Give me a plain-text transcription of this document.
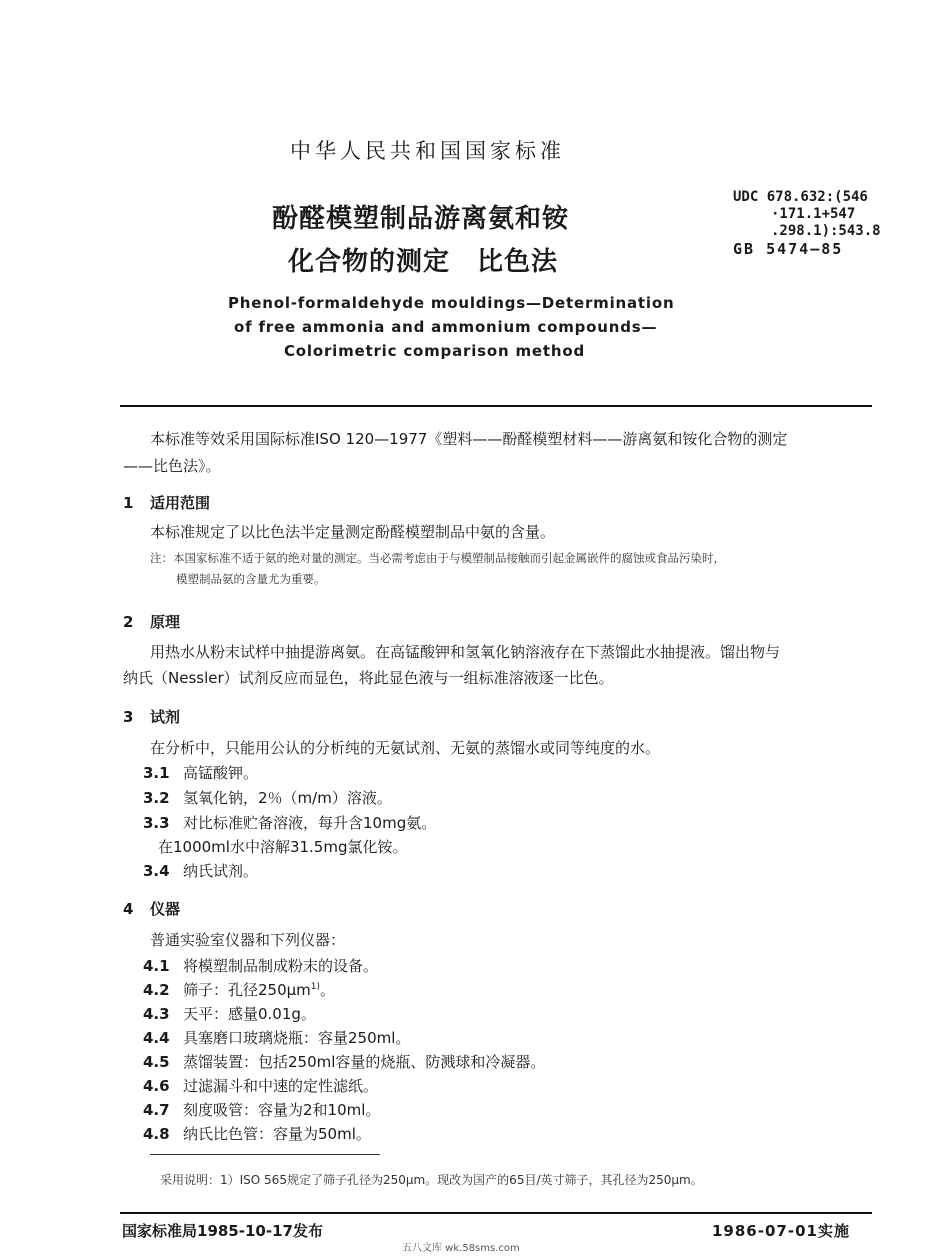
中华人民共和国国家标准
酚醛模塑制品游离氨和铵
化合物的测定　比色法
UDC 678.632:(546
·171.1+547
.298.1):543.8
GB 5474—85
Phenol-formaldehyde mouldings—Determination
of free ammonia and ammonium compounds—
Colorimetric comparison method
本标准等效采用国际标准ISO 120—1977《塑料——酚醛模塑材料——游离氨和铵化合物的测定
——比色法》。
1 适用范围
本标准规定了以比色法半定量测定酚醛模塑制品中氨的含量。
注：本国家标准不适于氨的绝对量的测定。当必需考虑由于与模塑制品接触而引起金属嵌件的腐蚀或食品污染时，
模塑制品氨的含量尤为重要。
2 原理
用热水从粉末试样中抽提游离氨。在高锰酸钾和氢氧化钠溶液存在下蒸馏此水抽提液。馏出物与
纳氏（Nessler）试剂反应而显色，将此显色液与一组标准溶液逐一比色。
3 试剂
在分析中，只能用公认的分析纯的无氨试剂、无氨的蒸馏水或同等纯度的水。
3.1 高锰酸钾。
3.2 氢氧化钠，2％（m/m）溶液。
3.3 对比标准贮备溶液，每升含10mg氨。
在1000ml水中溶解31.5mg氯化铵。
3.4 纳氏试剂。
4 仪器
普通实验室仪器和下列仪器：
4.1 将模塑制品制成粉末的设备。
4.2 筛子：孔径$250\mu m^{1)}$。
4.3 天平：感量0.01g。
4.4 具塞磨口玻璃烧瓶：容量250ml。
4.5 蒸馏装置：包括250ml容量的烧瓶、防溅球和冷凝器。
4.6 过滤漏斗和中速的定性滤纸。
4.7 刻度吸管：容量为2和10ml。
4.8 纳氏比色管：容量为50ml。
采用说明：1）ISO 565规定了筛子孔径为250μm。现改为国产的65目/英寸筛子，其孔径为250μm。
国家标准局1985-10-17发布	1986-07-01实施
五八文库 wk.58sms.com
